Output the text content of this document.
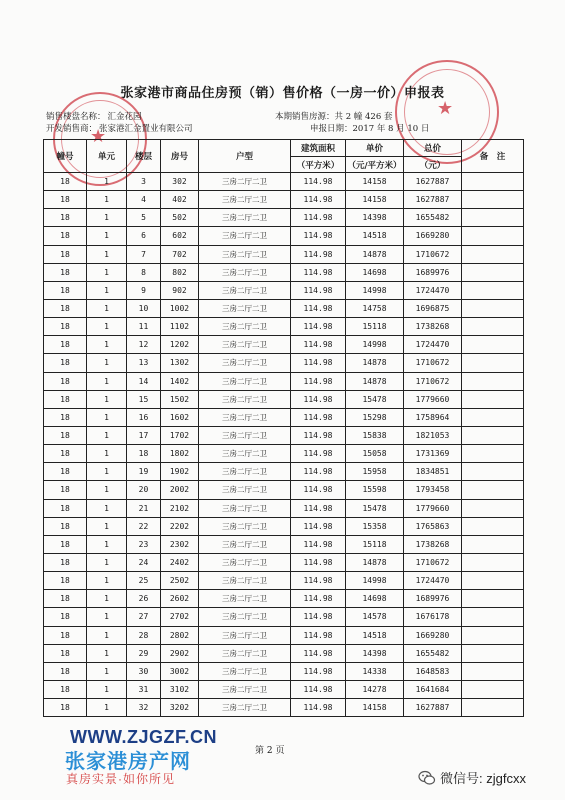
★
★
张家港市商品住房预（销）售价格（一房一价）申报表
销售楼盘名称： 汇金花园
开发销售商： 张家港汇金置业有限公司
本期销售房源：共 2 幢 426 套
申报日期：2017 年 8 月 10 日
幢号	单元	楼层	房号	户型	建筑面积	单价	总价	备　注
					（平方米）	（元/平方米）	（元）	
18	1	3	302	三房二厅二卫	114.98	14158	1627887	
18	1	4	402	三房二厅二卫	114.98	14158	1627887	
18	1	5	502	三房二厅二卫	114.98	14398	1655482	
18	1	6	602	三房二厅二卫	114.98	14518	1669280	
18	1	7	702	三房二厅二卫	114.98	14878	1710672	
18	1	8	802	三房二厅二卫	114.98	14698	1689976	
18	1	9	902	三房二厅二卫	114.98	14998	1724470	
18	1	10	1002	三房二厅二卫	114.98	14758	1696875	
18	1	11	1102	三房二厅二卫	114.98	15118	1738268	
18	1	12	1202	三房二厅二卫	114.98	14998	1724470	
18	1	13	1302	三房二厅二卫	114.98	14878	1710672	
18	1	14	1402	三房二厅二卫	114.98	14878	1710672	
18	1	15	1502	三房二厅二卫	114.98	15478	1779660	
18	1	16	1602	三房二厅二卫	114.98	15298	1758964	
18	1	17	1702	三房二厅二卫	114.98	15838	1821053	
18	1	18	1802	三房二厅二卫	114.98	15058	1731369	
18	1	19	1902	三房二厅二卫	114.98	15958	1834851	
18	1	20	2002	三房二厅二卫	114.98	15598	1793458	
18	1	21	2102	三房二厅二卫	114.98	15478	1779660	
18	1	22	2202	三房二厅二卫	114.98	15358	1765863	
18	1	23	2302	三房二厅二卫	114.98	15118	1738268	
18	1	24	2402	三房二厅二卫	114.98	14878	1710672	
18	1	25	2502	三房二厅二卫	114.98	14998	1724470	
18	1	26	2602	三房二厅二卫	114.98	14698	1689976	
18	1	27	2702	三房二厅二卫	114.98	14578	1676178	
18	1	28	2802	三房二厅二卫	114.98	14518	1669280	
18	1	29	2902	三房二厅二卫	114.98	14398	1655482	
18	1	30	3002	三房二厅二卫	114.98	14338	1648583	
18	1	31	3102	三房二厅二卫	114.98	14278	1641684	
18	1	32	3202	三房二厅二卫	114.98	14158	1627887	
第 2 页
WWW.ZJGZF.CN
张家港房产网
真房实景·如你所见	微信号: zjgfcxx
